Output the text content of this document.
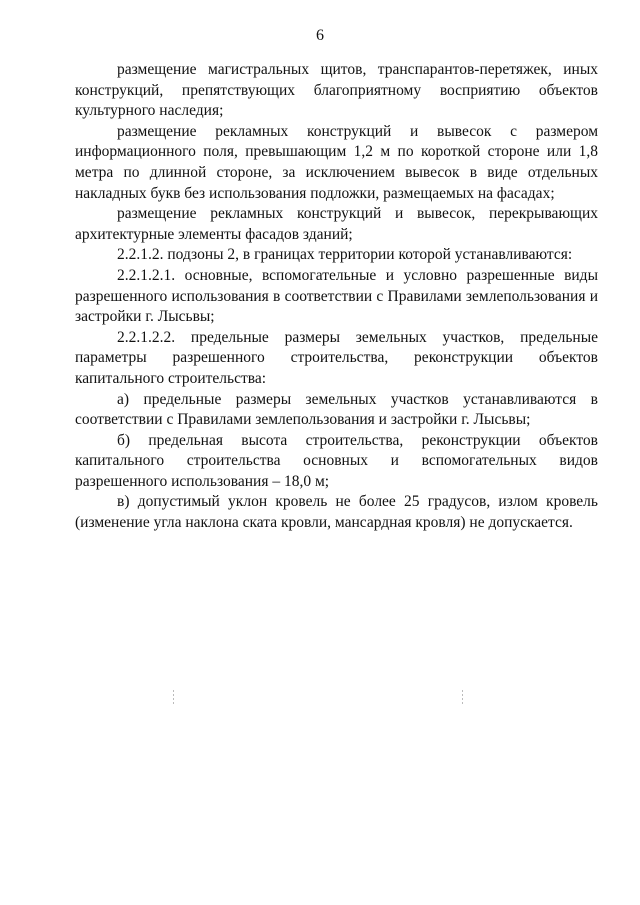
6

размещение магистральных щитов, транспарантов-перетяжек, иных конструкций, препятствующих благоприятному восприятию объектов культурного наследия;

размещение рекламных конструкций и вывесок с размером информационного поля, превышающим 1,2 м по короткой стороне или 1,8 метра по длинной стороне, за исключением вывесок в виде отдельных накладных букв без использования подложки, размещаемых на фасадах;

размещение рекламных конструкций и вывесок, перекрывающих архитектурные элементы фасадов зданий;

2.2.1.2. подзоны 2, в границах территории которой устанавливаются:

2.2.1.2.1. основные, вспомогательные и условно разрешенные виды разрешенного использования в соответствии с Правилами землепользования и застройки г. Лысьвы;

2.2.1.2.2. предельные размеры земельных участков, предельные параметры разрешенного строительства, реконструкции объектов капитального строительства:

а) предельные размеры земельных участков устанавливаются в соответствии с Правилами землепользования и застройки г. Лысьвы;

б) предельная высота строительства, реконструкции объектов капитального строительства основных и вспомогательных видов разрешенного использования – 18,0 м;

в) допустимый уклон кровель не более 25 градусов, излом кровель (изменение угла наклона ската кровли, мансардная кровля) не допускается.
